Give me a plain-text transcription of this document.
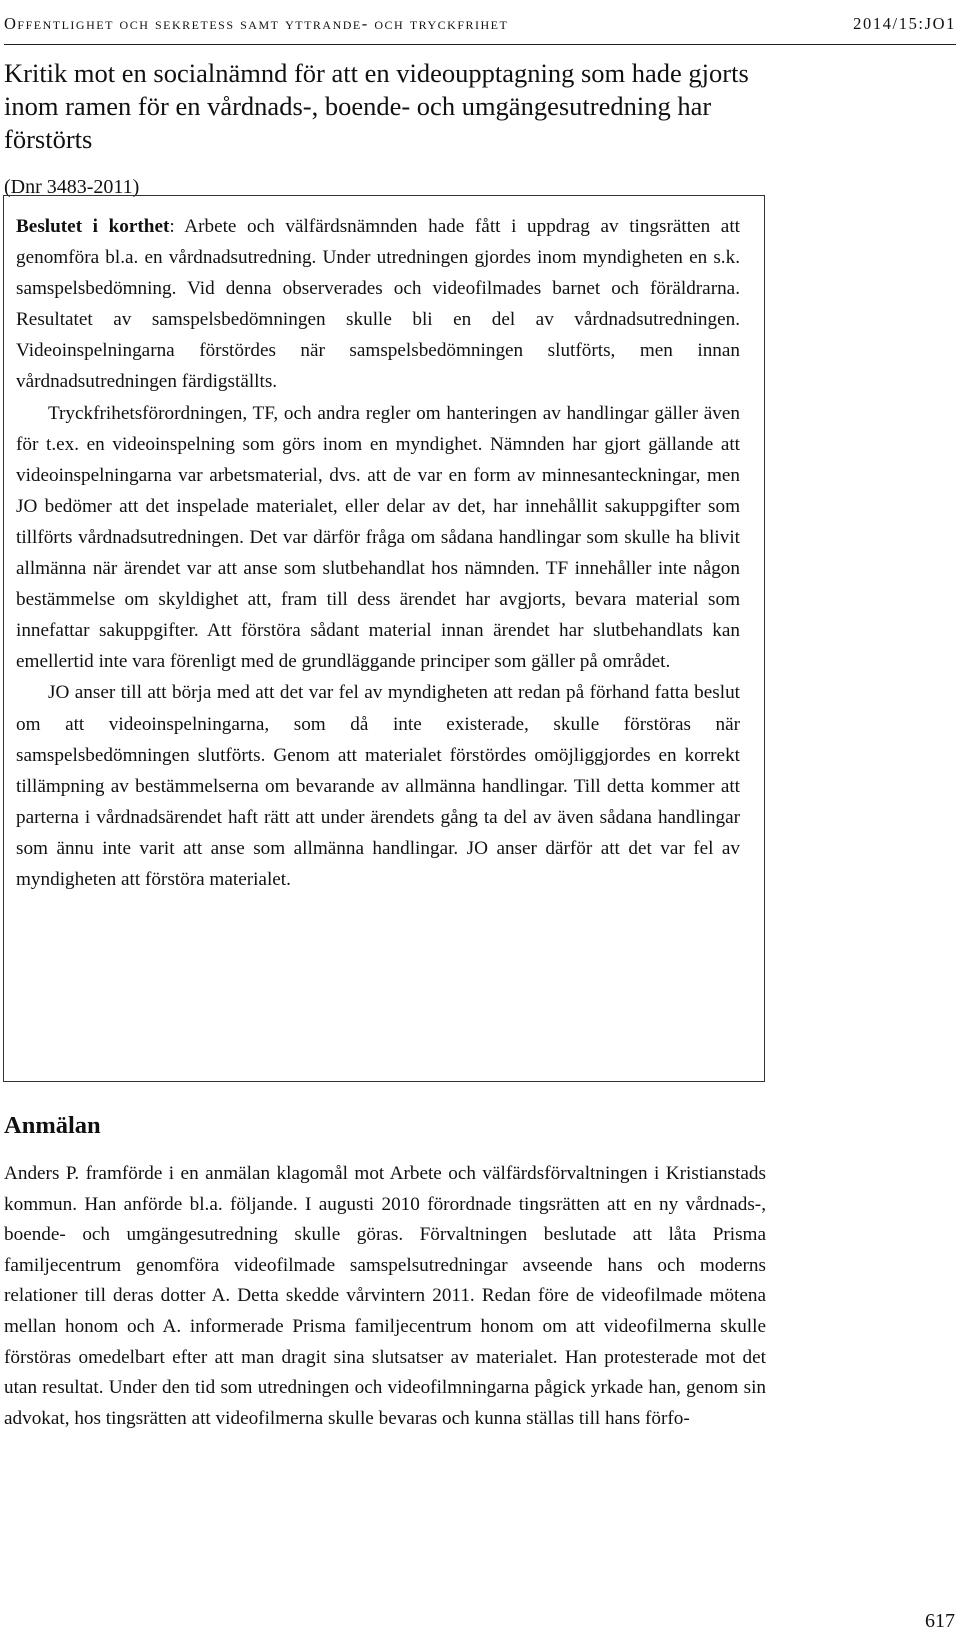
Offentlighet och sekretess samt yttrande- och tryckfrihet	2014/15:JO1
Kritik mot en socialnämnd för att en videoupptagning som hade gjorts inom ramen för en vårdnads-, boende- och umgängesutredning har förstörts
(Dnr 3483-2011)

Beslutet i korthet: Arbete och välfärdsnämnden hade fått i uppdrag av tingsrätten att genomföra bl.a. en vårdnadsutredning. Under utredningen gjordes inom myndigheten en s.k. samspelsbedömning. Vid denna observerades och videofilmades barnet och föräldrarna. Resultatet av samspelsbedömningen skulle bli en del av vårdnadsutredningen. Videoinspelningarna förstördes när samspelsbedömningen slutförts, men innan vårdnadsutredningen färdigställts.

Tryckfrihetsförordningen, TF, och andra regler om hanteringen av handlingar gäller även för t.ex. en videoinspelning som görs inom en myndighet. Nämnden har gjort gällande att videoinspelningarna var arbetsmaterial, dvs. att de var en form av minnesanteckningar, men JO bedömer att det inspelade materialet, eller delar av det, har innehållit sakuppgifter som tillförts vårdnadsutredningen. Det var därför fråga om sådana handlingar som skulle ha blivit allmänna när ärendet var att anse som slutbehandlat hos nämnden. TF innehåller inte någon bestämmelse om skyldighet att, fram till dess ärendet har avgjorts, bevara material som innefattar sakuppgifter. Att förstöra sådant material innan ärendet har slutbehandlats kan emellertid inte vara förenligt med de grundläggande principer som gäller på området.

JO anser till att börja med att det var fel av myndigheten att redan på förhand fatta beslut om att videoinspelningarna, som då inte existerade, skulle förstöras när samspelsbedömningen slutförts. Genom att materialet förstördes omöjliggjordes en korrekt tillämpning av bestämmelserna om bevarande av allmänna handlingar. Till detta kommer att parterna i vårdnadsärendet haft rätt att under ärendets gång ta del av även sådana handlingar som ännu inte varit att anse som allmänna handlingar. JO anser därför att det var fel av myndigheten att förstöra materialet.

Anmälan

Anders P. framförde i en anmälan klagomål mot Arbete och välfärdsförvaltningen i Kristianstads kommun. Han anförde bl.a. följande. I augusti 2010 förordnade tingsrätten att en ny vårdnads-, boende- och umgängesutredning skulle göras. Förvaltningen beslutade att låta Prisma familjecentrum genomföra videofilmade samspelsutredningar avseende hans och moderns relationer till deras dotter A. Detta skedde vårvintern 2011. Redan före de videofilmade mötena mellan honom och A. informerade Prisma familjecentrum honom om att videofilmerna skulle förstöras omedelbart efter att man dragit sina slutsatser av materialet. Han protesterade mot det utan resultat. Under den tid som utredningen och videofilmningarna pågick yrkade han, genom sin advokat, hos tingsrätten att videofilmerna skulle bevaras och kunna ställas till hans förfo-

617
